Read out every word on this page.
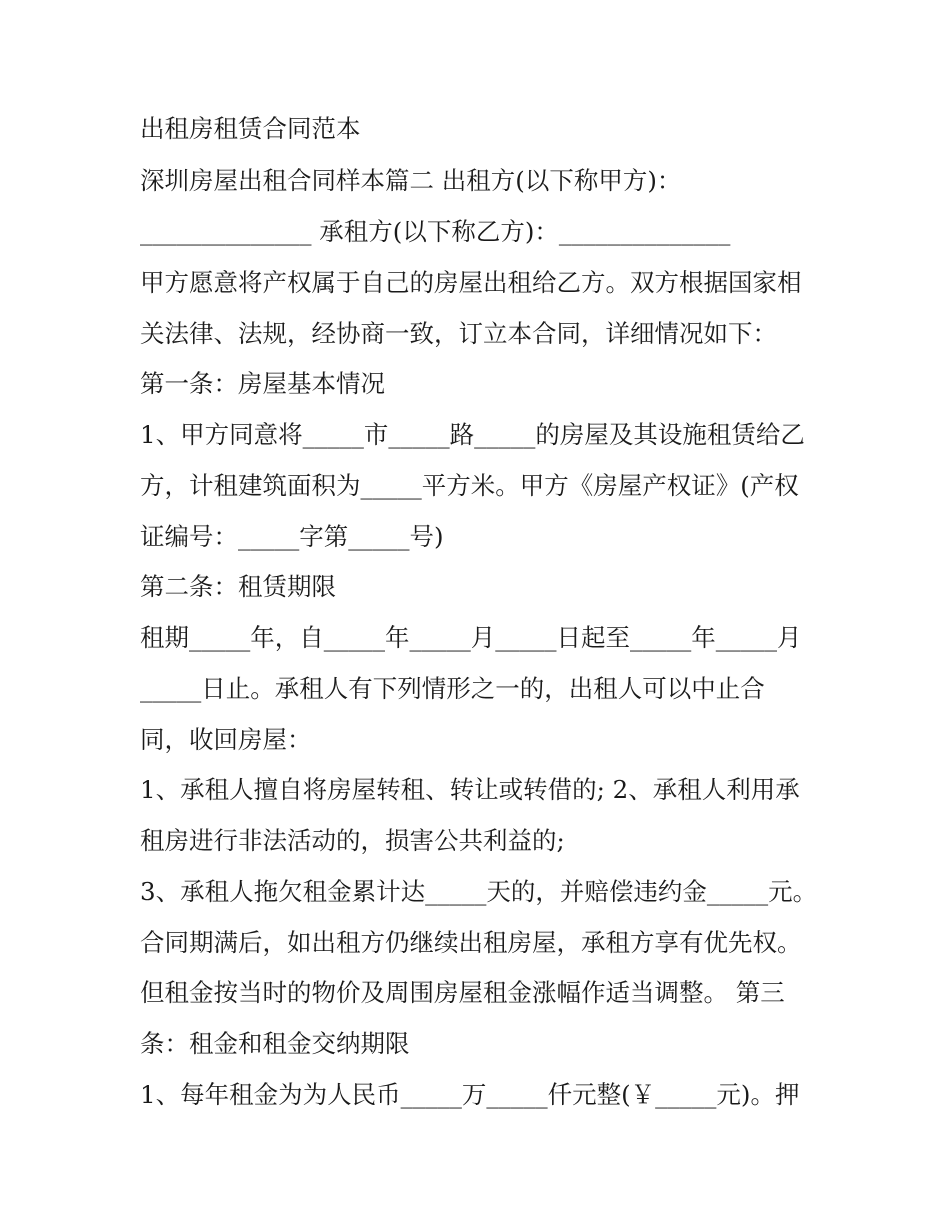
出租房租赁合同范本
深圳房屋出租合同样本篇二 出租方(以下称甲方)：
______________ 承租方(以下称乙方)：______________
甲方愿意将产权属于自己的房屋出租给乙方。双方根据国家相
关法律、法规，经协商一致，订立本合同，详细情况如下：
第一条：房屋基本情况
1、甲方同意将_____市_____路_____的房屋及其设施租赁给乙
方，计租建筑面积为_____平方米。甲方《房屋产权证》(产权
证编号：_____字第_____号)
第二条：租赁期限
租期_____年，自_____年_____月_____日起至_____年_____月
_____日止。承租人有下列情形之一的，出租人可以中止合
同，收回房屋：
1、承租人擅自将房屋转租、转让或转借的; 2、承租人利用承
租房进行非法活动的，损害公共利益的;
3、承租人拖欠租金累计达_____天的，并赔偿违约金_____元。
合同期满后，如出租方仍继续出租房屋，承租方享有优先权。
但租金按当时的物价及周围房屋租金涨幅作适当调整。 第三
条：租金和租金交纳期限
1、每年租金为为人民币_____万_____仟元整(￥_____元)。押
